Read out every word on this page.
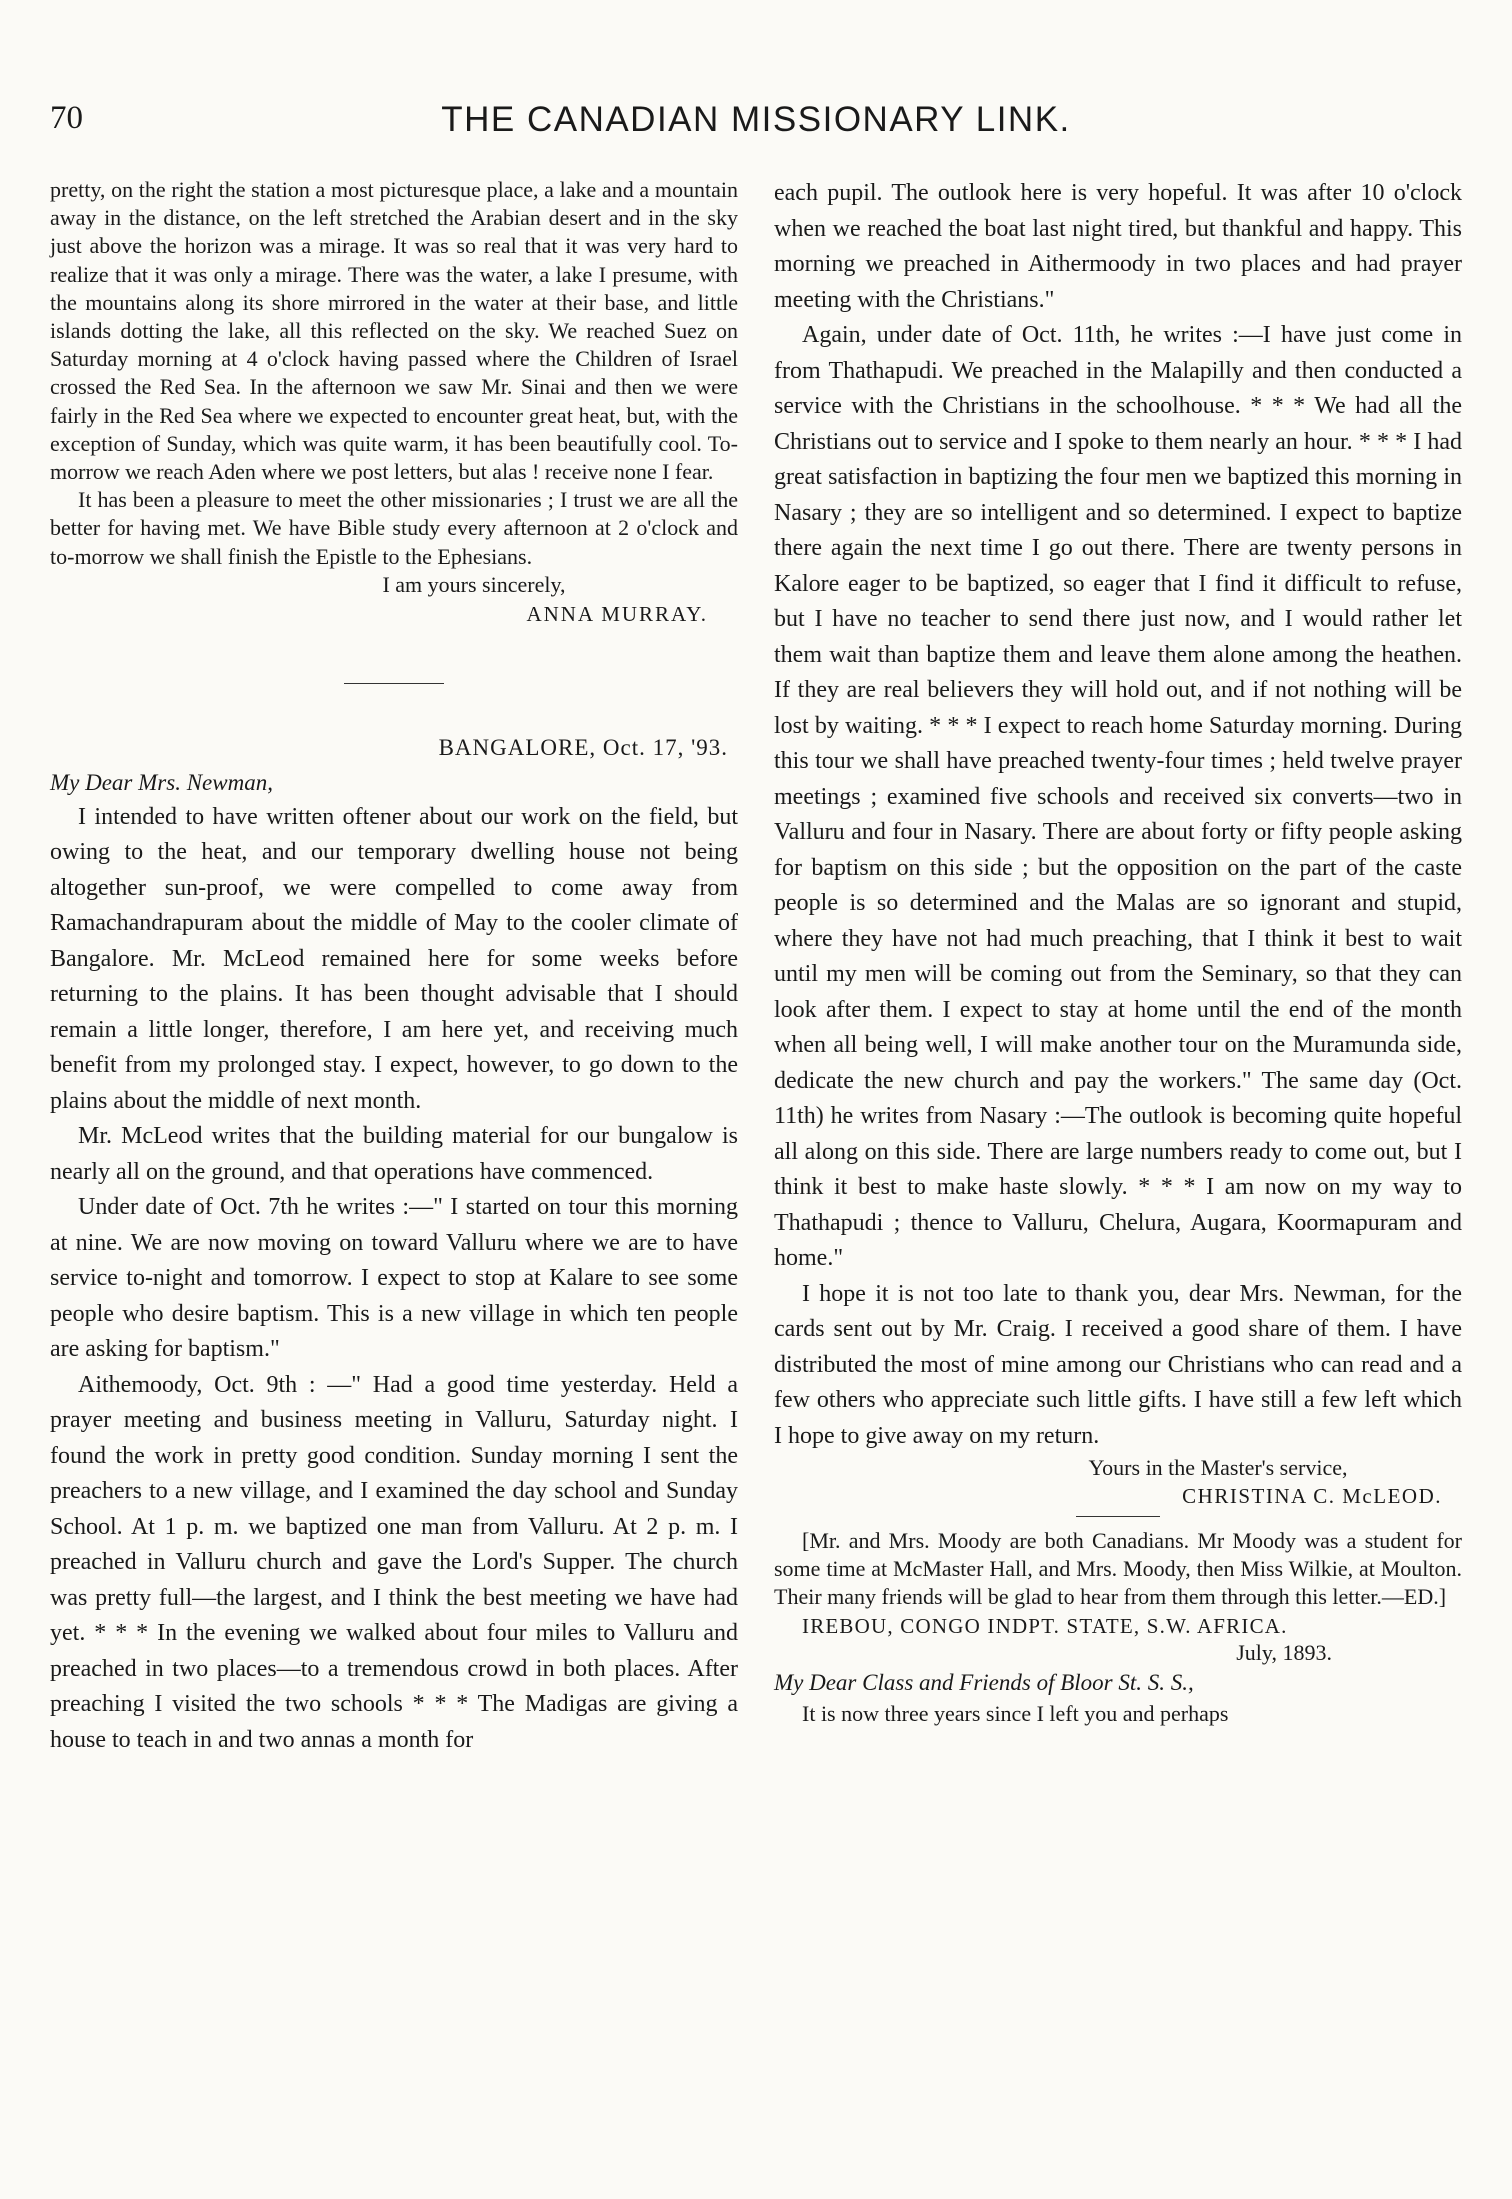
70	THE CANADIAN MISSIONARY LINK.

pretty, on the right the station a most picturesque place, a lake and a mountain away in the distance, on the left stretched the Arabian desert and in the sky just above the horizon was a mirage. It was so real that it was very hard to realize that it was only a mirage. There was the water, a lake I presume, with the mountains along its shore mirrored in the water at their base, and little islands dotting the lake, all this reflected on the sky. We reached Suez on Saturday morning at 4 o'clock having passed where the Children of Israel crossed the Red Sea. In the afternoon we saw Mr. Sinai and then we were fairly in the Red Sea where we expected to encounter great heat, but, with the exception of Sunday, which was quite warm, it has been beautifully cool. To-morrow we reach Aden where we post letters, but alas ! receive none I fear.

It has been a pleasure to meet the other missionaries ; I trust we are all the better for having met. We have Bible study every afternoon at 2 o'clock and to-morrow we shall finish the Epistle to the Ephesians.

I am yours sincerely,
ANNA MURRAY.
BANGALORE, Oct. 17, '93.
My Dear Mrs. Newman,

I intended to have written oftener about our work on the field, but owing to the heat, and our temporary dwelling house not being altogether sun-proof, we were compelled to come away from Ramachandrapuram about the middle of May to the cooler climate of Bangalore. Mr. McLeod remained here for some weeks before returning to the plains. It has been thought advisable that I should remain a little longer, therefore, I am here yet, and receiving much benefit from my prolonged stay. I expect, however, to go down to the plains about the middle of next month.

Mr. McLeod writes that the building material for our bungalow is nearly all on the ground, and that operations have commenced.

Under date of Oct. 7th he writes :—" I started on tour this morning at nine. We are now moving on toward Valluru where we are to have service to-night and tomorrow. I expect to stop at Kalare to see some people who desire baptism. This is a new village in which ten people are asking for baptism."

Aithemoody, Oct. 9th : —" Had a good time yesterday. Held a prayer meeting and business meeting in Valluru, Saturday night. I found the work in pretty good condition. Sunday morning I sent the preachers to a new village, and I examined the day school and Sunday School. At 1 p. m. we baptized one man from Valluru. At 2 p. m. I preached in Valluru church and gave the Lord's Supper. The church was pretty full—the largest, and I think the best meeting we have had yet. * * * In the evening we walked about four miles to Valluru and preached in two places—to a tremendous crowd in both places. After preaching I visited the two schools * * * The Madigas are giving a house to teach in and two annas a month for

each pupil. The outlook here is very hopeful. It was after 10 o'clock when we reached the boat last night tired, but thankful and happy. This morning we preached in Aithermoody in two places and had prayer meeting with the Christians."

Again, under date of Oct. 11th, he writes :—I have just come in from Thathapudi. We preached in the Malapilly and then conducted a service with the Christians in the schoolhouse. * * * We had all the Christians out to service and I spoke to them nearly an hour. * * * I had great satisfaction in baptizing the four men we baptized this morning in Nasary ; they are so intelligent and so determined. I expect to baptize there again the next time I go out there. There are twenty persons in Kalore eager to be baptized, so eager that I find it difficult to refuse, but I have no teacher to send there just now, and I would rather let them wait than baptize them and leave them alone among the heathen. If they are real believers they will hold out, and if not nothing will be lost by waiting. * * * I expect to reach home Saturday morning. During this tour we shall have preached twenty-four times ; held twelve prayer meetings ; examined five schools and received six converts—two in Valluru and four in Nasary. There are about forty or fifty people asking for baptism on this side ; but the opposition on the part of the caste people is so determined and the Malas are so ignorant and stupid, where they have not had much preaching, that I think it best to wait until my men will be coming out from the Seminary, so that they can look after them. I expect to stay at home until the end of the month when all being well, I will make another tour on the Muramunda side, dedicate the new church and pay the workers." The same day (Oct. 11th) he writes from Nasary :—The outlook is becoming quite hopeful all along on this side. There are large numbers ready to come out, but I think it best to make haste slowly. * * * I am now on my way to Thathapudi ; thence to Valluru, Chelura, Augara, Koormapuram and home."

I hope it is not too late to thank you, dear Mrs. Newman, for the cards sent out by Mr. Craig. I received a good share of them. I have distributed the most of mine among our Christians who can read and a few others who appreciate such little gifts. I have still a few left which I hope to give away on my return.

Yours in the Master's service,
CHRISTINA C. McLEOD.

[Mr. and Mrs. Moody are both Canadians. Mr Moody was a student for some time at McMaster Hall, and Mrs. Moody, then Miss Wilkie, at Moulton. Their many friends will be glad to hear from them through this letter.—ED.]

IREBOU, CONGO INDPT. STATE, S.W. AFRICA.
July, 1893.
My Dear Class and Friends of Bloor St. S. S.,

It is now three years since I left you and perhaps
